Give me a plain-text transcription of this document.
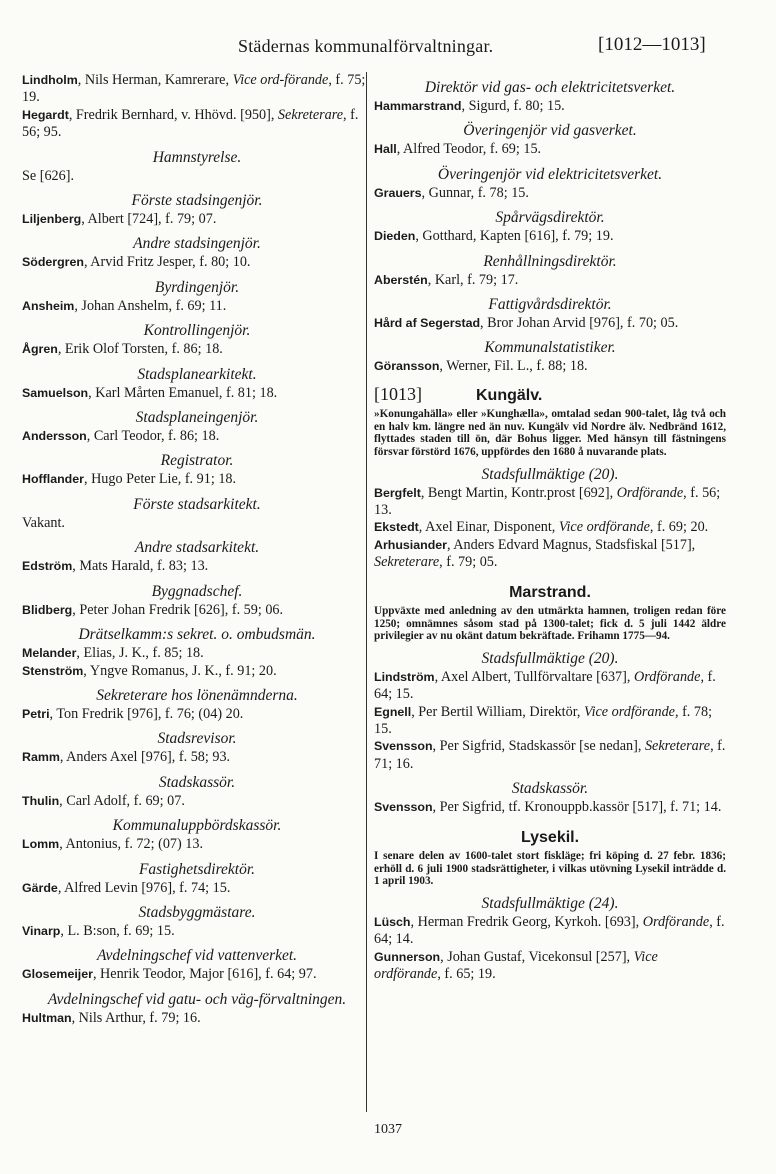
Städernas kommunalförvaltningar.	[1012—1013]
Lindholm, Nils Herman, Kamrerare, Vice ord-förande, f. 75; 19.
Hegardt, Fredrik Bernhard, v. Hhövd. [950], Sekreterare, f. 56; 95.
Hamnstyrelse.
Se [626].
Förste stadsingenjör.
Liljenberg, Albert [724], f. 79; 07.
Andre stadsingenjör.
Södergren, Arvid Fritz Jesper, f. 80; 10.
Byrdingenjör.
Ansheim, Johan Anshelm, f. 69; 11.
Kontrollingenjör.
Ågren, Erik Olof Torsten, f. 86; 18.
Stadsplanearkitekt.
Samuelson, Karl Mårten Emanuel, f. 81; 18.
Stadsplaneingenjör.
Andersson, Carl Teodor, f. 86; 18.
Registrator.
Hofflander, Hugo Peter Lie, f. 91; 18.
Förste stadsarkitekt.
Vakant.
Andre stadsarkitekt.
Edström, Mats Harald, f. 83; 13.
Byggnadschef.
Blidberg, Peter Johan Fredrik [626], f. 59; 06.
Drätselkamm:s sekret. o. ombudsmän.
Melander, Elias, J. K., f. 85; 18.
Stenström, Yngve Romanus, J. K., f. 91; 20.
Sekreterare hos lönenämnderna.
Petri, Ton Fredrik [976], f. 76; (04) 20.
Stadsrevisor.
Ramm, Anders Axel [976], f. 58; 93.
Stadskassör.
Thulin, Carl Adolf, f. 69; 07.
Kommunaluppbördskassör.
Lomm, Antonius, f. 72; (07) 13.
Fastighetsdirektör.
Gärde, Alfred Levin [976], f. 74; 15.
Stadsbyggmästare.
Vinarp, L. B:son, f. 69; 15.
Avdelningschef vid vattenverket.
Glosemeijer, Henrik Teodor, Major [616], f. 64; 97.
Avdelningschef vid gatu- och väg-förvaltningen.
Hultman, Nils Arthur, f. 79; 16.
Direktör vid gas- och elektricitetsverket.
Hammarstrand, Sigurd, f. 80; 15.
Överingenjör vid gasverket.
Hall, Alfred Teodor, f. 69; 15.
Överingenjör vid elektricitetsverket.
Grauers, Gunnar, f. 78; 15.
Spårvägsdirektör.
Dieden, Gotthard, Kapten [616], f. 79; 19.
Renhållningsdirektör.
Aberstén, Karl, f. 79; 17.
Fattigvårdsdirektör.
Hård af Segerstad, Bror Johan Arvid [976], f. 70; 05.
Kommunalstatistiker.
Göransson, Werner, Fil. L., f. 88; 18.
[1013]	Kungälv.
»Konungahälla» eller »Kunghælla», omtalad sedan 900-talet, låg två och en halv km. längre ned än nuv. Kungälv vid Nordre älv. Nedbränd 1612, flyttades staden till ön, där Bohus ligger. Med hänsyn till fästningens försvar förstörd 1676, uppfördes den 1680 å nuvarande plats.
Stadsfullmäktige (20).
Bergfelt, Bengt Martin, Kontr.prost [692], Ordförande, f. 56; 13.
Ekstedt, Axel Einar, Disponent, Vice ordförande, f. 69; 20.
Arhusiander, Anders Edvard Magnus, Stadsfiskal [517], Sekreterare, f. 79; 05.
Marstrand.
Uppväxte med anledning av den utmärkta hamnen, troligen redan före 1250; omnämnes såsom stad på 1300-talet; fick d. 5 juli 1442 äldre privilegier av nu okänt datum bekräftade. Frihamn 1775—94.
Stadsfullmäktige (20).
Lindström, Axel Albert, Tullförvaltare [637], Ordförande, f. 64; 15.
Egnell, Per Bertil William, Direktör, Vice ordförande, f. 78; 15.
Svensson, Per Sigfrid, Stadskassör [se nedan], Sekreterare, f. 71; 16.
Stadskassör.
Svensson, Per Sigfrid, tf. Kronouppb.kassör [517], f. 71; 14.
Lysekil.
I senare delen av 1600-talet stort fiskläge; fri köping d. 27 febr. 1836; erhöll d. 6 juli 1900 stadsrättigheter, i vilkas utövning Lysekil inträdde d. 1 april 1903.
Stadsfullmäktige (24).
Lüsch, Herman Fredrik Georg, Kyrkoh. [693], Ordförande, f. 64; 14.
Gunnerson, Johan Gustaf, Vicekonsul [257], Vice ordförande, f. 65; 19.
1037
